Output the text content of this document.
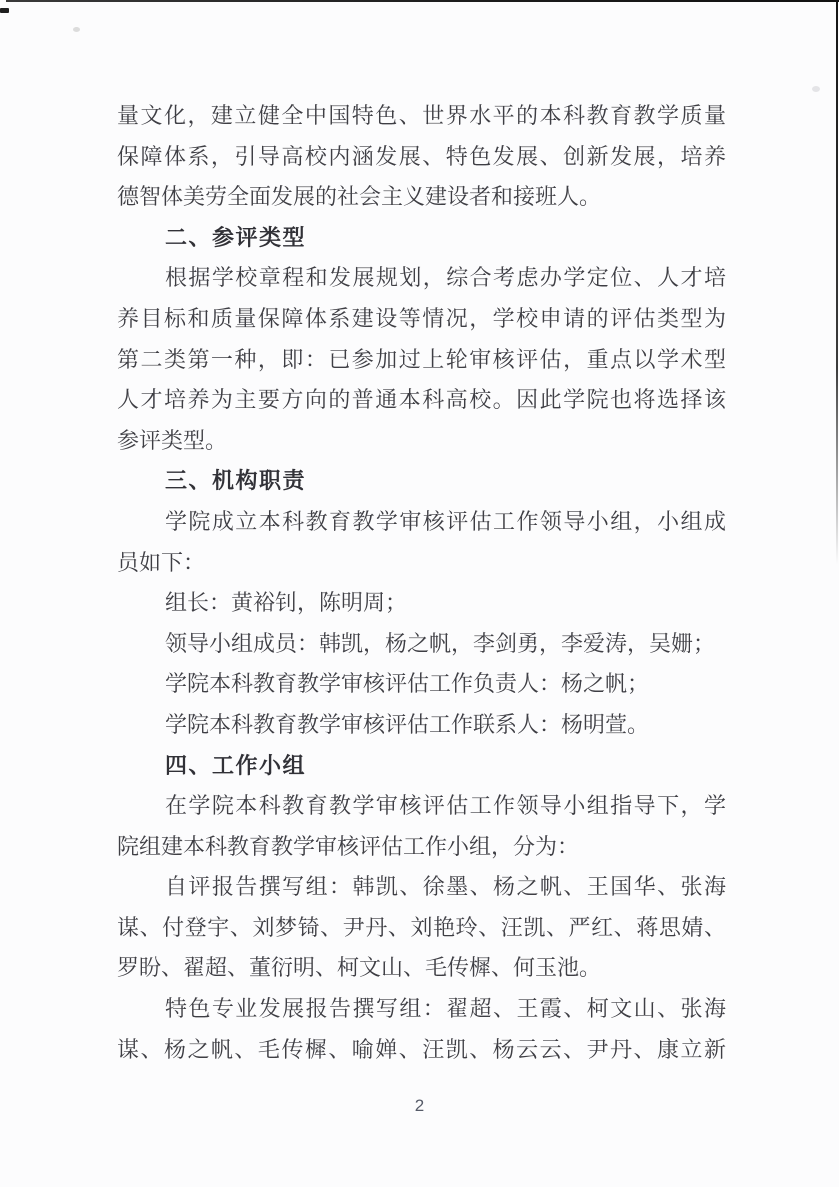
量文化，建立健全中国特色、世界水平的本科教育教学质量
保障体系，引导高校内涵发展、特色发展、创新发展，培养
德智体美劳全面发展的社会主义建设者和接班人。
二、参评类型
根据学校章程和发展规划，综合考虑办学定位、人才培
养目标和质量保障体系建设等情况，学校申请的评估类型为
第二类第一种，即：已参加过上轮审核评估，重点以学术型
人才培养为主要方向的普通本科高校。因此学院也将选择该
参评类型。
三、机构职责
学院成立本科教育教学审核评估工作领导小组，小组成
员如下：
组长：黄裕钊，陈明周；
领导小组成员：韩凯，杨之帆，李剑勇，李爱涛，吴姗；
学院本科教育教学审核评估工作负责人：杨之帆；
学院本科教育教学审核评估工作联系人：杨明萱。
四、工作小组
在学院本科教育教学审核评估工作领导小组指导下，学
院组建本科教育教学审核评估工作小组，分为：
自评报告撰写组：韩凯、徐墨、杨之帆、王国华、张海
谋、付登宇、刘梦锜、尹丹、刘艳玲、汪凯、严红、蒋思婧、
罗盼、翟超、董衍明、柯文山、毛传樨、何玉池。
特色专业发展报告撰写组：翟超、王霞、柯文山、张海
谋、杨之帆、毛传樨、喻婵、汪凯、杨云云、尹丹、康立新
2
